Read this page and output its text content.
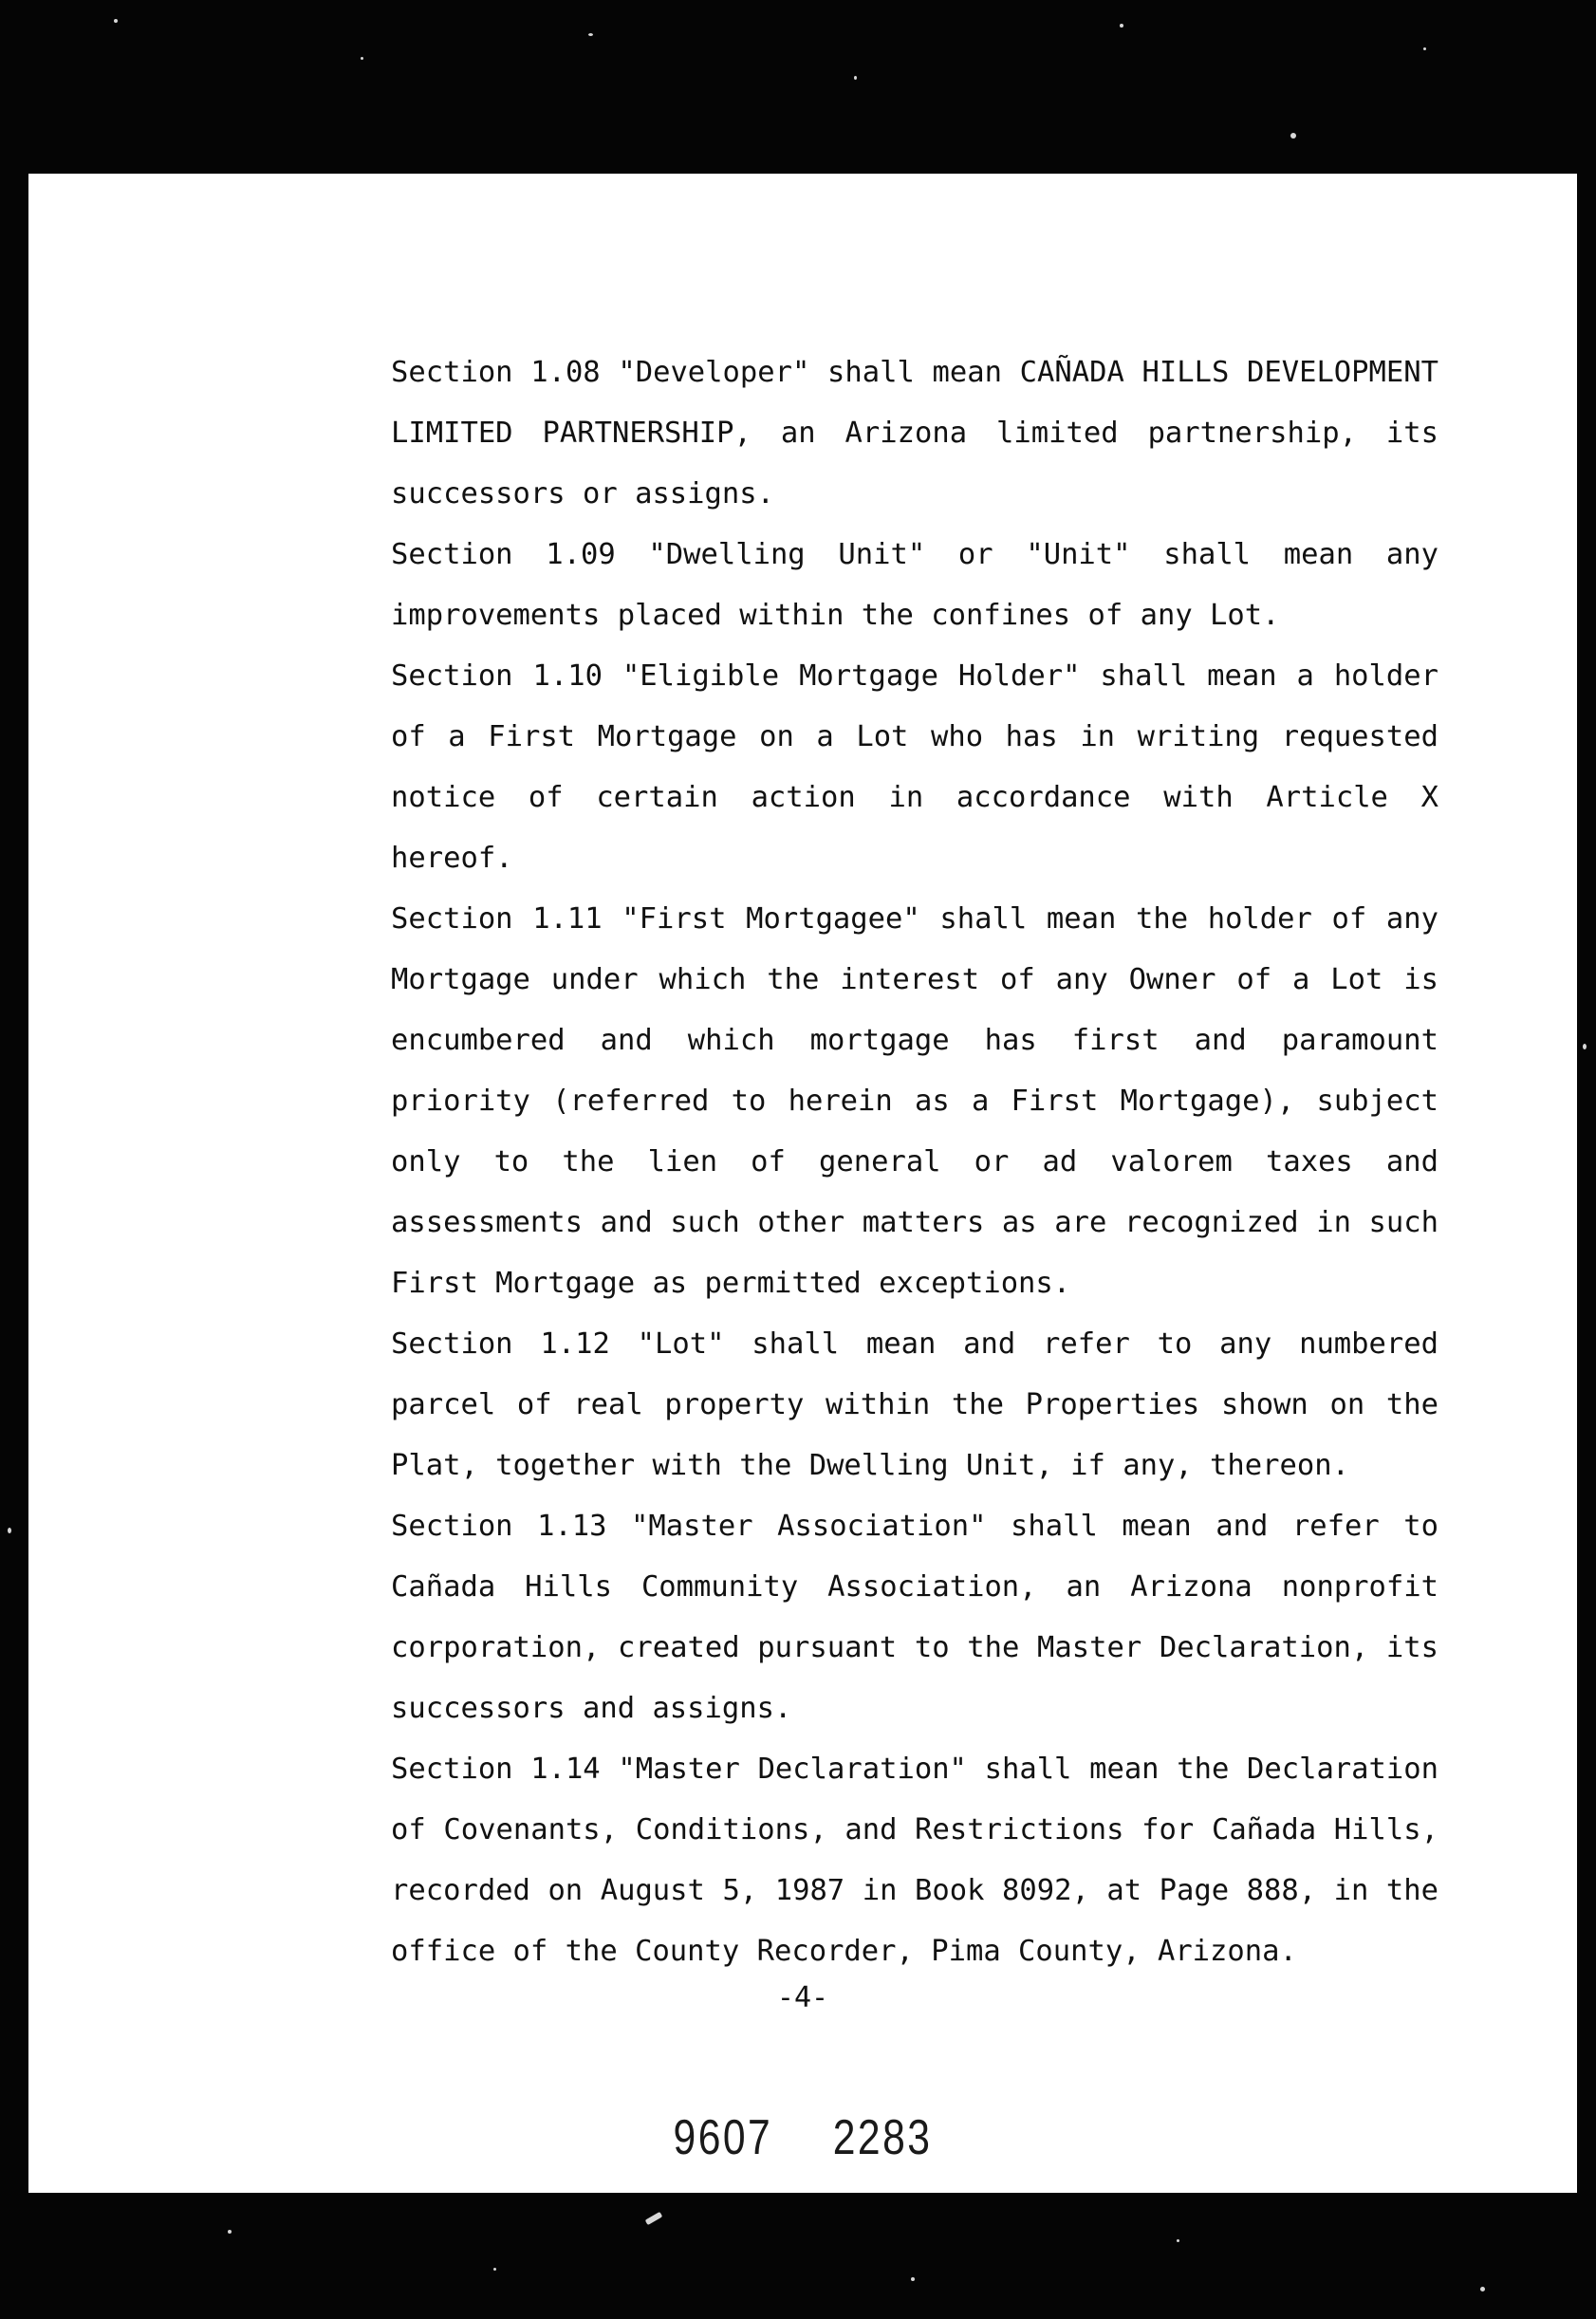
Section 1.08 "Developer" shall mean CAÑADA HILLS DEVELOPMENT LIMITED PARTNERSHIP, an Arizona limited partnership, its successors or assigns.

Section 1.09 "Dwelling Unit" or "Unit" shall mean any improvements placed within the confines of any Lot.

Section 1.10 "Eligible Mortgage Holder" shall mean a holder of a First Mortgage on a Lot who has in writing requested notice of certain action in accordance with Article X hereof.

Section 1.11 "First Mortgagee" shall mean the holder of any Mortgage under which the interest of any Owner of a Lot is encumbered and which mortgage has first and paramount priority (referred to herein as a First Mortgage), subject only to the lien of general or ad valorem taxes and assessments and such other matters as are recognized in such First Mortgage as permitted exceptions.

Section 1.12 "Lot" shall mean and refer to any numbered parcel of real property within the Properties shown on the Plat, together with the Dwelling Unit, if any, thereon.

Section 1.13 "Master Association" shall mean and refer to Cañada Hills Community Association, an Arizona nonprofit corporation, created pursuant to the Master Declaration, its successors and assigns.

Section 1.14 "Master Declaration" shall mean the Declaration of Covenants, Conditions, and Restrictions for Cañada Hills, recorded on August 5, 1987 in Book 8092, at Page 888, in the office of the County Recorder, Pima County, Arizona.

-4-
9607 2283
